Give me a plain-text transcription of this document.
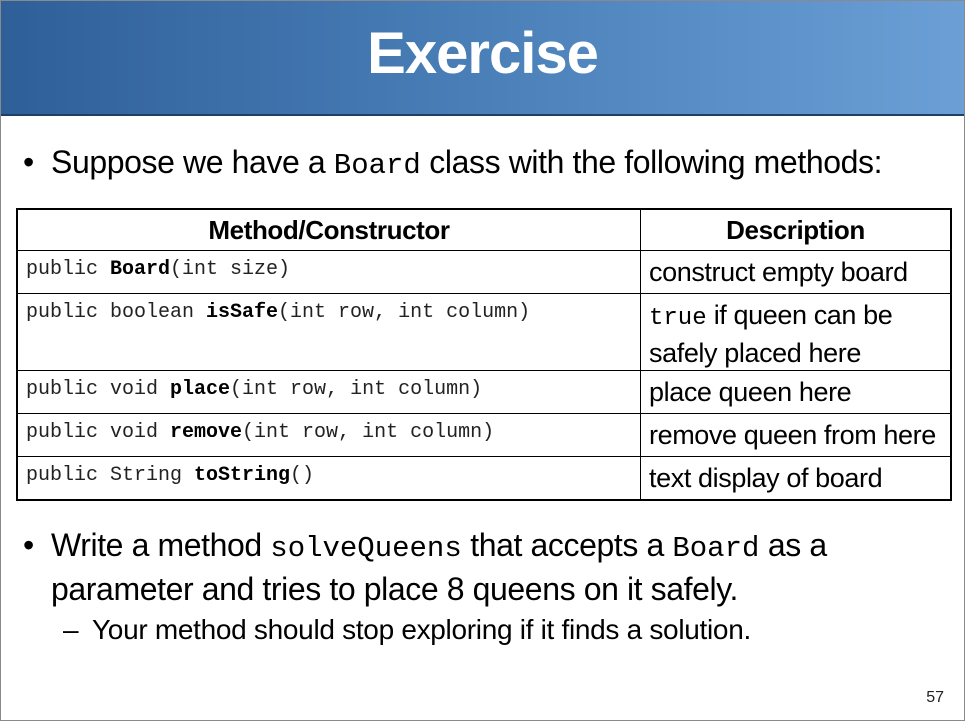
Exercise
• Suppose we have a Board class with the following methods:
Method/Constructor	Description
public Board(int size)	construct empty board
public boolean isSafe(int row, int column)	true if queen can be safely placed here
public void place(int row, int column)	place queen here
public void remove(int row, int column)	remove queen from here
public String toString()	text display of board
• Write a method solveQueens that accepts a Board as a parameter and tries to place 8 queens on it safely.
– Your method should stop exploring if it finds a solution.
57
